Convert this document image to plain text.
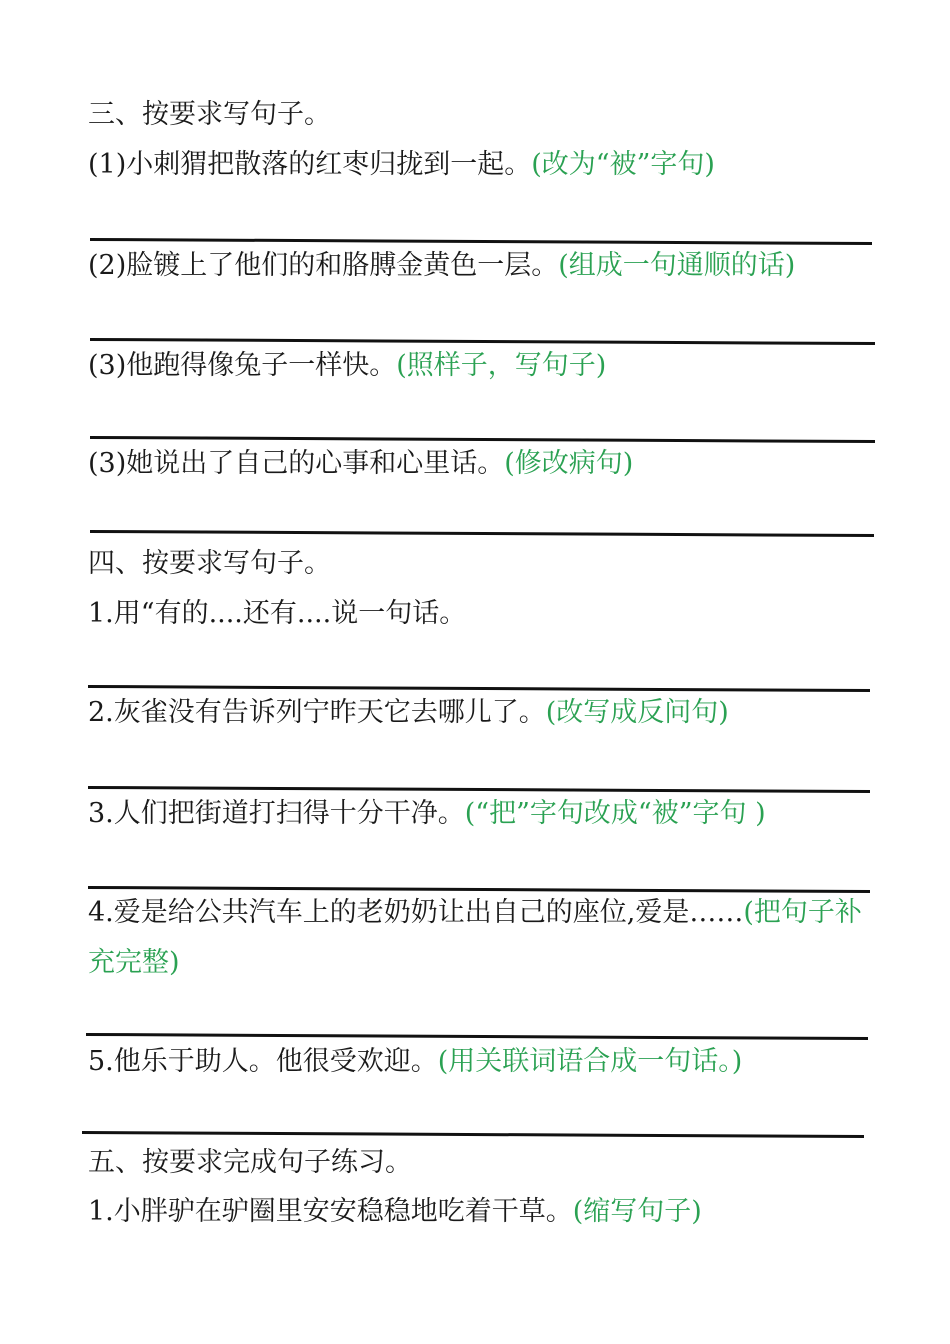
三、按要求写句子。
(1)小刺猬把散落的红枣归拢到一起。(改为“被”字句)
(2)脸镀上了他们的和胳膊金黄色一层。(组成一句通顺的话)
(3)他跑得像兔子一样快。(照样子，写句子)
(3)她说出了自己的心事和心里话。(修改病句)
四、按要求写句子。
1.用“有的....还有....说一句话。
2.灰雀没有告诉列宁昨天它去哪儿了。(改写成反问句)
3.人们把街道打扫得十分干净。(“把”字句改成“被”字句 )
4.爱是给公共汽车上的老奶奶让出自己的座位,爱是……(把句子补充完整)
5.他乐于助人。他很受欢迎。(用关联词语合成一句话。)
五、按要求完成句子练习。
1.小胖驴在驴圈里安安稳稳地吃着干草。(缩写句子)
